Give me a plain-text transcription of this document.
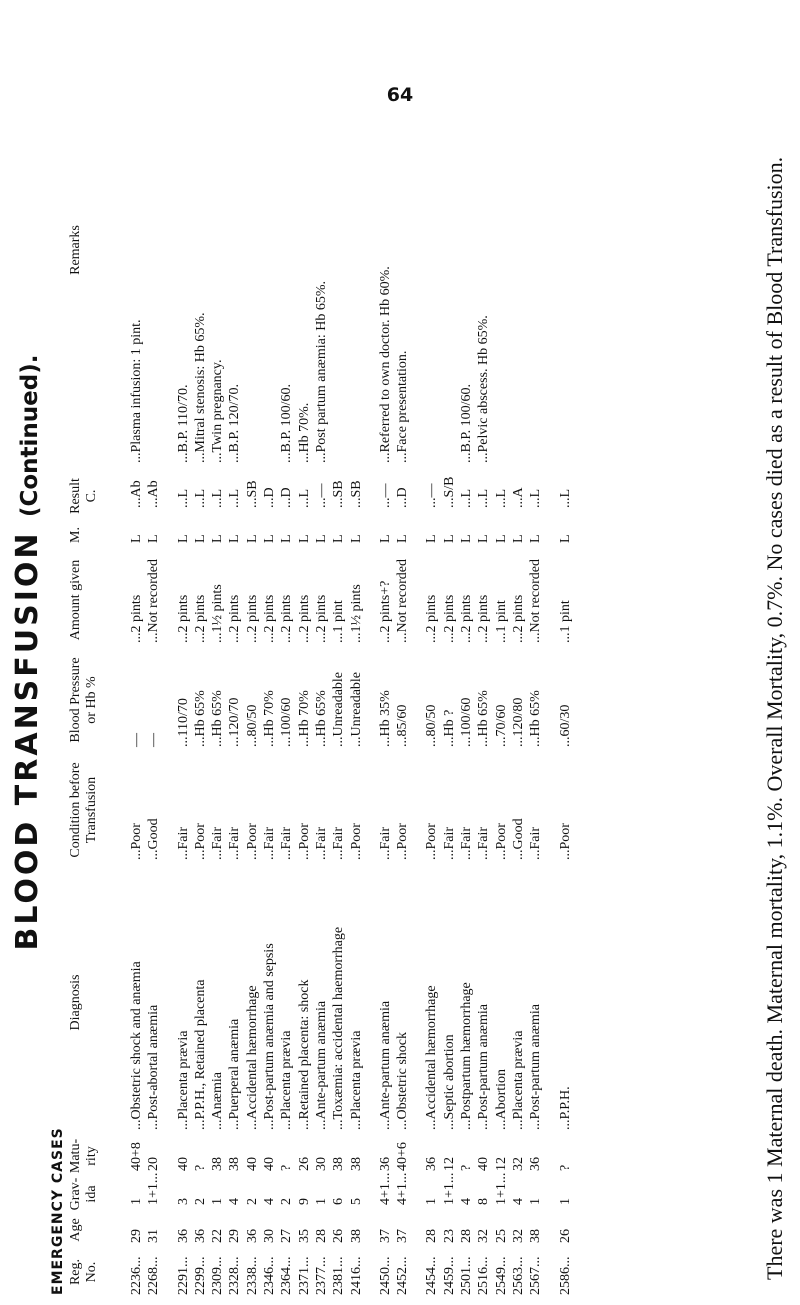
64
BLOOD TRANSFUSION (Continued).
EMERGENCY CASES Reg. No.
Age
Grav-ida
Matu-rity
Diagnosis
Condition before Transfusion
Blood Pressure or Hb %
Amount given
M.
Result C.
Remarks
2236...
29
1
40+8
...Obstetric shock and anæmia
...Poor
—
...2 pints
L
...Ab
...Plasma infusion: 1 pint.
2268...
31
1+1...
20
...Post-abortal anæmia
...Good
—
...Not recorded
L
...Ab
2291...
36
3
40
...Placenta prævia
...Fair
...110/70
...2 pints
L
...L
...B.P. 110/70.
2299...
36
2
?
...P.P.H., Retained placenta
...Poor
...Hb 65%
...2 pints
L
...L
...Mitral stenosis: Hb 65%.
2309...
22
1
38
...Anæmia
...Fair
...Hb 65%
...1½ pints
L
...L
...Twin pregnancy.
2328...
29
4
38
...Puerperal anæmia
...Fair
...120/70
...2 pints
L
...L
...B.P. 120/70.
2338...
36
2
40
...Accidental hæmorrhage
...Poor
...80/50
...2 pints
L
...SB
2346...
30
4
40
...Post-partum anæmia and sepsis
...Fair
...Hb 70%
...2 pints
L
...D
2364...
27
2
?
...Placenta prævia
...Fair
...100/60
...2 pints
L
...D
...B.P. 100/60.
2371...
35
9
26
...Retained placenta: shock
...Poor
...Hb 70%
...2 pints
L
...L
...Hb 70%.
2377...
28
1
30
...Ante-partum anæmia
...Fair
...Hb 65%
...2 pints
L
...—
...Post partum anæmia: Hb 65%.
2381...
26
6
38
...Toxæmia: accidental haemorrhage
...Fair
...Unreadable
...1 pint
L
...SB
2416...
38
5
38
...Placenta prævia
...Poor
...Unreadable
...1½ pints
L
...SB
2450...
37
4+1...
36
...Ante-partum anæmia
...Fair
...Hb 35%
...2 pints+?
L
...—
...Referred to own doctor. Hb 60%.
2452...
37
4+1...
40+6
...Obstetric shock
...Poor
...85/60
...Not recorded
L
...D
...Face presentation.
2454...
28
1
36
...Accidental hæmorrhage
...Poor
...80/50
...2 pints
L
...—
2459...
23
1+1...
12
...Septic abortion
...Fair
...Hb ?
...2 pints
L
...S/B
2501...
28
4
?
...Postpartum hæmorrhage
...Fair
...100/60
...2 pints
L
...L
...B.P. 100/60.
2516...
32
8
40
...Post-partum anæmia
...Fair
...Hb 65%
...2 pints
L
...L
...Pelvic abscess. Hb 65%.
2549...
25
1+1...
12
...Abortion
...Poor
...70/60
...1 pint
L
...L
2563...
32
4
32
...Placenta prævia
...Good
...120/80
...2 pints
L
...A
2567...
38
1
36
...Post-partum anæmia
...Fair
...Hb 65%
...Not recorded
L
...L
2586...
26
1
?
...P.P.H.
...Poor
...60/30
...1 pint
L
...L	There was 1 Maternal death. Maternal mortality, 1.1%. Overall Mortality, 0.7%. No cases died as a result of Blood Transfusion.
